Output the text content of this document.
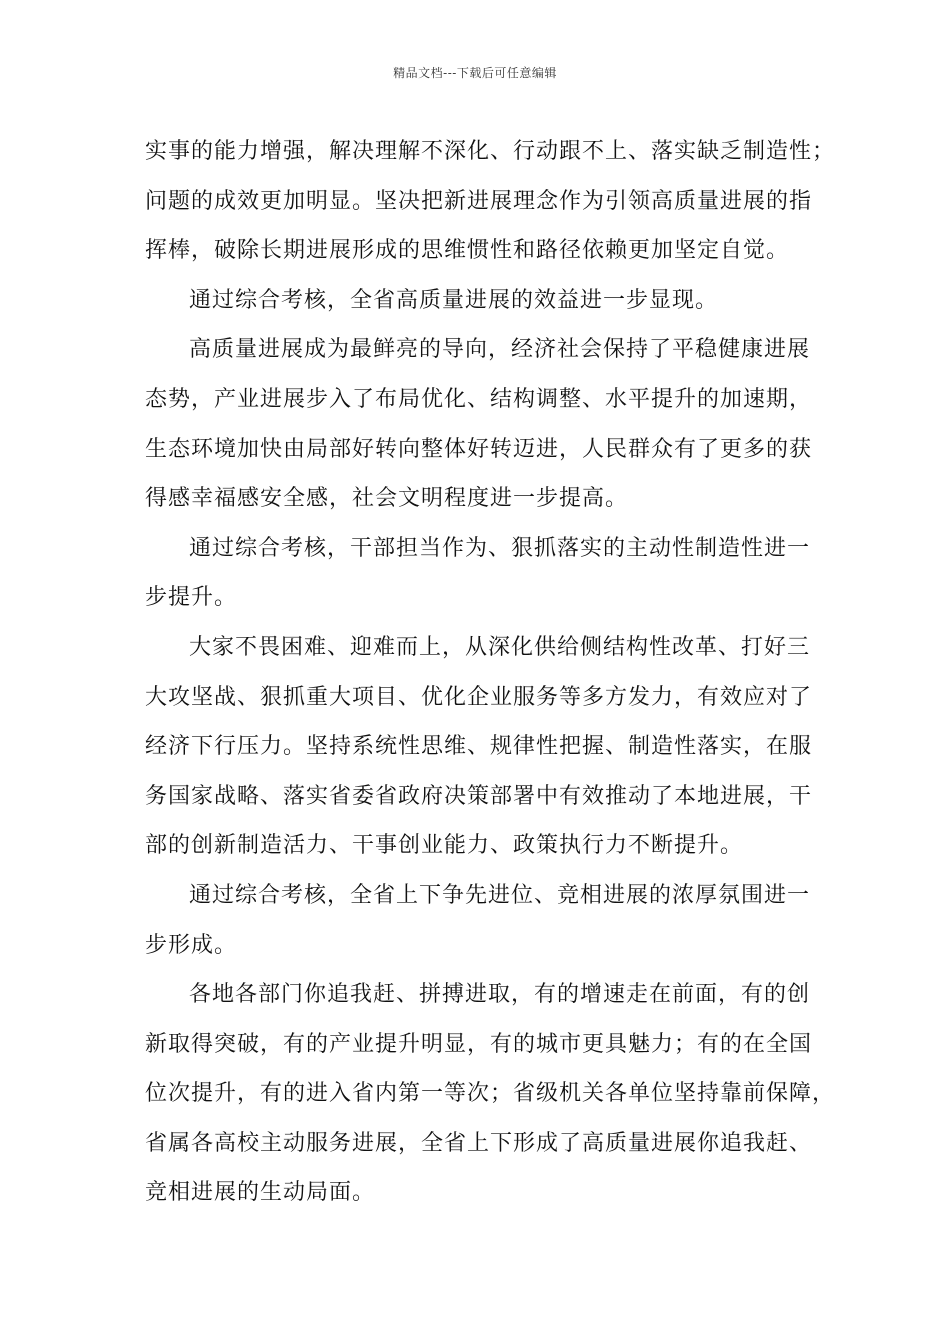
精品文档---下载后可任意编辑
实事的能力增强，解决理解不深化、行动跟不上、落实缺乏制造性；
问题的成效更加明显。坚决把新进展理念作为引领高质量进展的指
挥棒，破除长期进展形成的思维惯性和路径依赖更加坚定自觉。
通过综合考核，全省高质量进展的效益进一步显现。
高质量进展成为最鲜亮的导向，经济社会保持了平稳健康进展
态势，产业进展步入了布局优化、结构调整、水平提升的加速期，
生态环境加快由局部好转向整体好转迈进，人民群众有了更多的获
得感幸福感安全感，社会文明程度进一步提高。
通过综合考核，干部担当作为、狠抓落实的主动性制造性进一
步提升。
大家不畏困难、迎难而上，从深化供给侧结构性改革、打好三
大攻坚战、狠抓重大项目、优化企业服务等多方发力，有效应对了
经济下行压力。坚持系统性思维、规律性把握、制造性落实，在服
务国家战略、落实省委省政府决策部署中有效推动了本地进展，干
部的创新制造活力、干事创业能力、政策执行力不断提升。
通过综合考核，全省上下争先进位、竞相进展的浓厚氛围进一
步形成。
各地各部门你追我赶、拼搏进取，有的增速走在前面，有的创
新取得突破，有的产业提升明显，有的城市更具魅力；有的在全国
位次提升，有的进入省内第一等次；省级机关各单位坚持靠前保障，
省属各高校主动服务进展，全省上下形成了高质量进展你追我赶、
竞相进展的生动局面。
